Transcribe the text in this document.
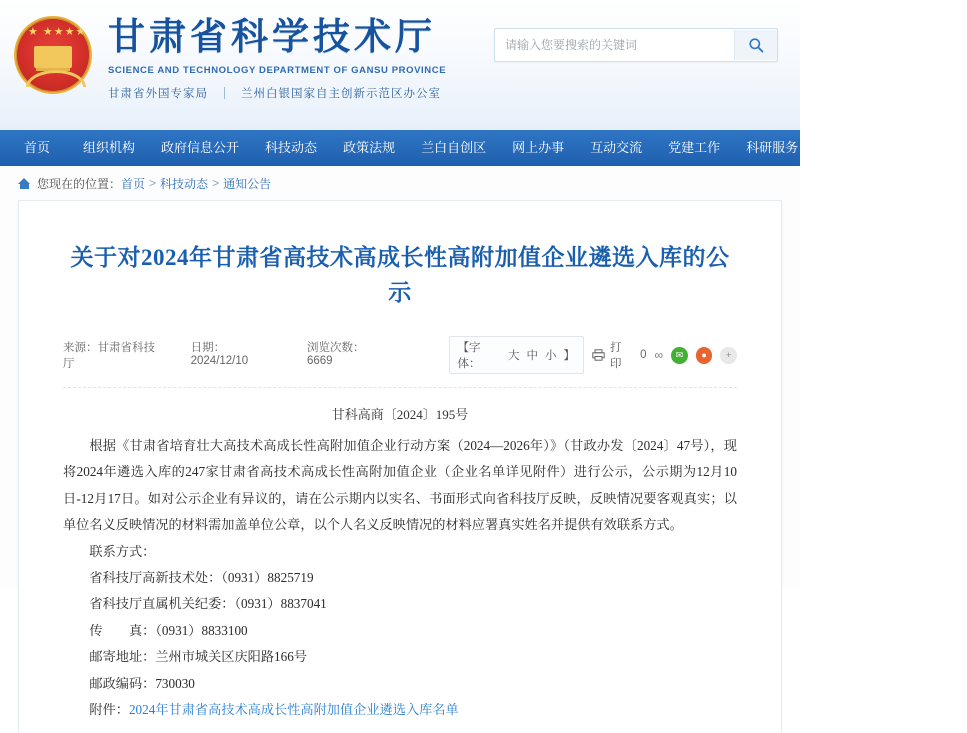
★ ★★★★ 甘肃省科学技术厅
SCIENCE AND TECHNOLOGY DEPARTMENT OF GANSU PROVINCE
甘肃省外国专家局	兰州白银国家自主创新示范区办公室
请输入您要搜索的关键词
首页	组织机构	政府信息公开	科技动态	政策法规	兰白自创区	网上办事	互动交流	党建工作	科研服务	专题专栏	协同办公
您现在的位置： 首页 > 科技动态 > 通知公告
关于对2024年甘肃省高技术高成长性高附加值企业遴选入库的公示
来源：甘肃省科技厅
日期：2024/12/10
浏览次数：6669
【字体：
大 中 小 】
打印
0 ∞	✉	●	+
甘科高商〔2024〕195号

根据《甘肃省培育壮大高技术高成长性高附加值企业行动方案（2024—2026年）》（甘政办发〔2024〕47号），现将2024年遴选入库的247家甘肃省高技术高成长性高附加值企业（企业名单详见附件）进行公示，公示期为12月10日-12月17日。如对公示企业有异议的，请在公示期内以实名、书面形式向省科技厅反映，反映情况要客观真实；以单位名义反映情况的材料需加盖单位公章，以个人名义反映情况的材料应署真实姓名并提供有效联系方式。

联系方式：

省科技厅高新技术处：（0931）8825719

省科技厅直属机关纪委：（0931）8837041

传　　真：（0931）8833100

邮寄地址：兰州市城关区庆阳路166号

邮政编码：730030

附件：2024年甘肃省高技术高成长性高附加值企业遴选入库名单
